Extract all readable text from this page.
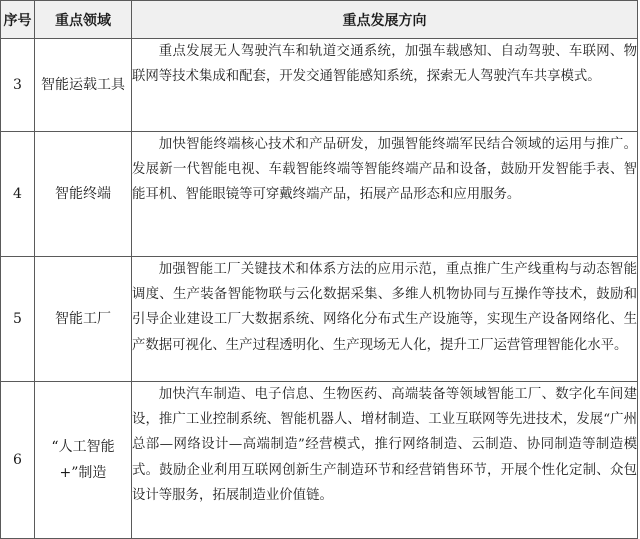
序号	重点领域	重点发展方向
3	智能运载工具	重点发展无人驾驶汽车和轨道交通系统，加强车载感知、自动驾驶、车联网、物联网等技术集成和配套，开发交通智能感知系统，探索无人驾驶汽车共享模式。
4	智能终端	加快智能终端核心技术和产品研发，加强智能终端军民结合领域的运用与推广。发展新一代智能电视、车载智能终端等智能终端产品和设备，鼓励开发智能手表、智能耳机、智能眼镜等可穿戴终端产品，拓展产品形态和应用服务。
5	智能工厂	加强智能工厂关键技术和体系方法的应用示范，重点推广生产线重构与动态智能调度、生产装备智能物联与云化数据采集、多维人机物协同与互操作等技术，鼓励和引导企业建设工厂大数据系统、网络化分布式生产设施等，实现生产设备网络化、生产数据可视化、生产过程透明化、生产现场无人化，提升工厂运营管理智能化水平。
6	“人工智能+”制造	加快汽车制造、电子信息、生物医药、高端装备等领域智能工厂、数字化车间建设，推广工业控制系统、智能机器人、增材制造、工业互联网等先进技术，发展“广州总部—网络设计—高端制造”经营模式，推行网络制造、云制造、协同制造等制造模式。鼓励企业利用互联网创新生产制造环节和经营销售环节，开展个性化定制、众包设计等服务，拓展制造业价值链。
